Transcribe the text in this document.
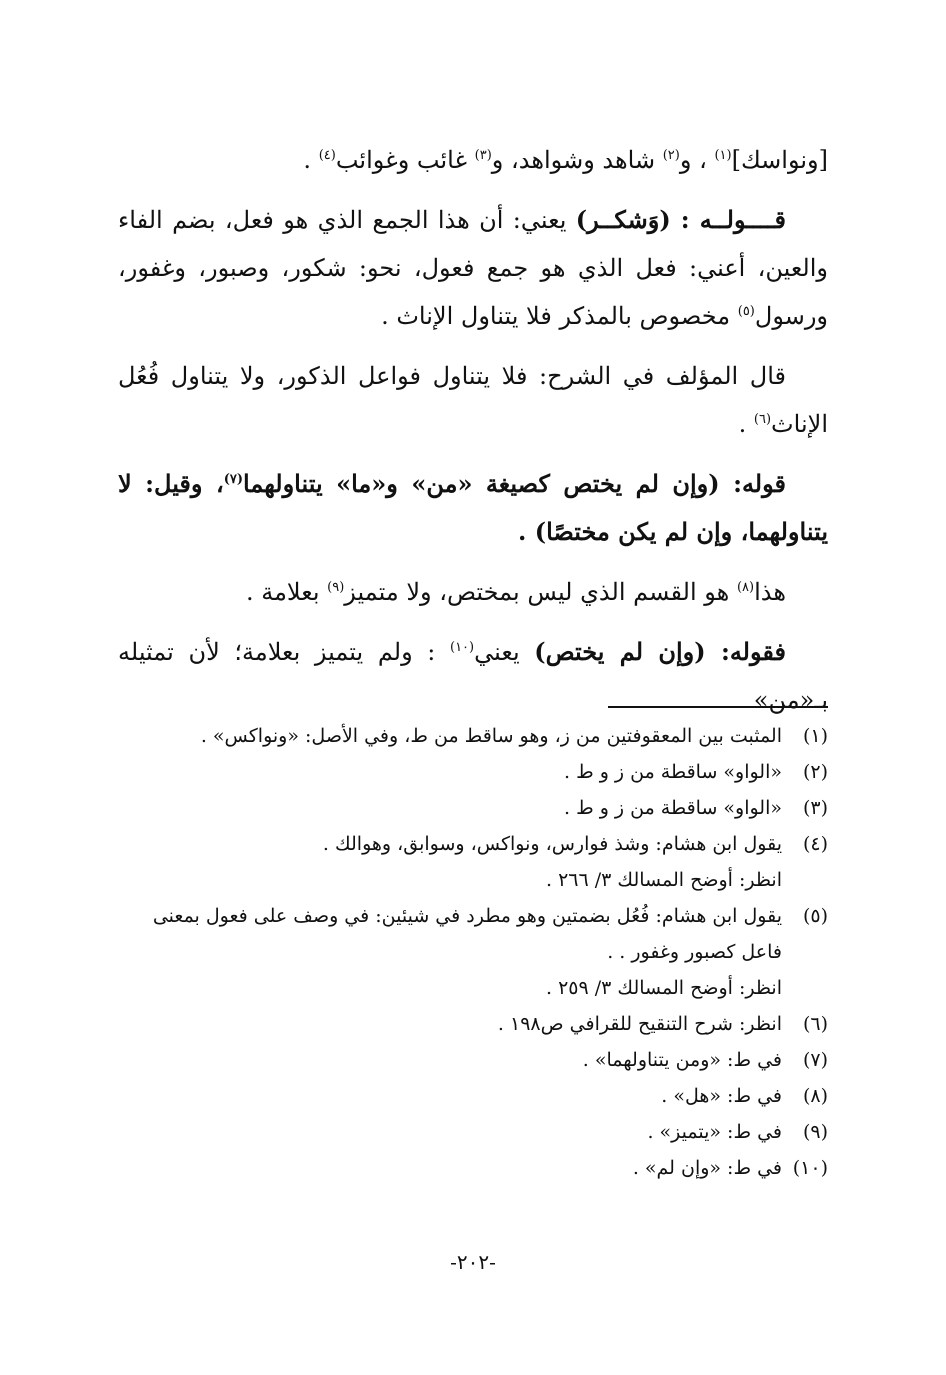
[ونواسك]$^{(١)}$ ، و$^{(٢)}$ شاهد وشواهد، و$^{(٣)}$ غائب وغوائب$^{(٤)}$ .

قــــولــه : (وَشكــر) يعني: أن هذا الجمع الذي هو فعل، بضم الفاء والعين، أعني: فعل الذي هو جمع فعول، نحو: شكور، وصبور، وغفور، ورسول$^{(٥)}$ مخصوص بالمذكر فلا يتناول الإناث .

قال المؤلف في الشرح: فلا يتناول فواعل الذكور، ولا يتناول فُعُل الإناث$^{(٦)}$ .

قوله: (وإن لم يختص كصيغة «من» و«ما» يتناولهما$^{(٧)}$، وقيل: لا يتناولهما، وإن لم يكن مختصًا) .

هذا$^{(٨)}$ هو القسم الذي ليس بمختص، ولا متميز$^{(٩)}$ بعلامة .

فقوله: (وإن لم يختص) يعني$^{(١٠)}$ : ولم يتميز بعلامة؛ لأن تمثيله بـ«من»

(١)
المثبت بين المعقوفتين من ز، وهو ساقط من ط، وفي الأصل: «ونواكس» .
(٢)
«الواو» ساقطة من ز و ط .
(٣)
«الواو» ساقطة من ز و ط .
(٤)
يقول ابن هشام: وشذ فوارس، ونواكس، وسوابق، وهوالك .
انظر: أوضح المسالك ٣/ ٢٦٦ .
(٥)
يقول ابن هشام: فُعُل بضمتين وهو مطرد في شيئين: في وصف على فعول بمعنى فاعل كصبور وغفور . .
انظر: أوضح المسالك ٣/ ٢٥٩ .
(٦)
انظر: شرح التنقيح للقرافي ص١٩٨ .
(٧)
في ط: «ومن يتناولهما» .
(٨)
في ط: «هل» .
(٩)
في ط: «يتميز» .
(١٠)
في ط: «وإن لم» .
-٢٠٢-
